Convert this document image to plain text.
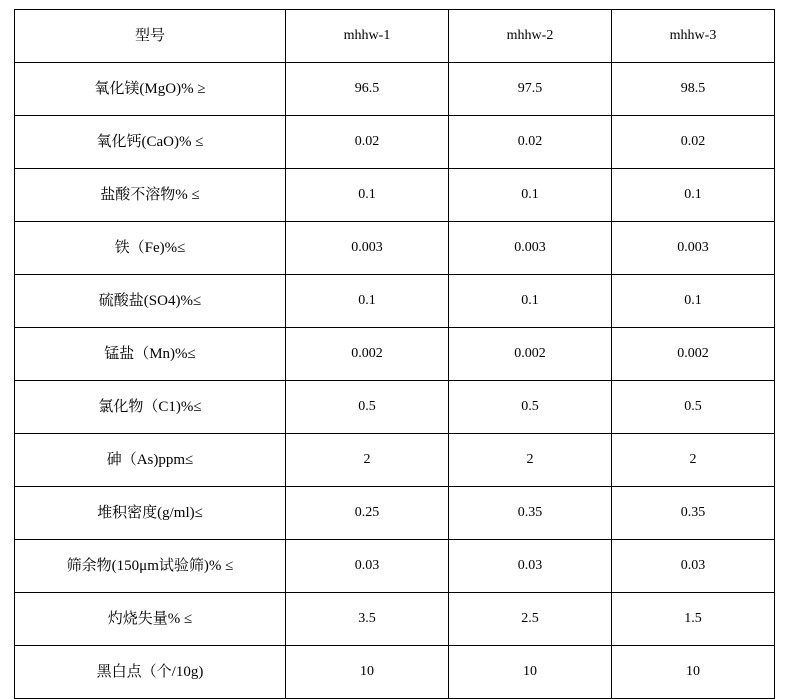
型号	mhhw-1	mhhw-2	mhhw-3
氧化镁(MgO)% ≥	96.5	97.5	98.5
氧化钙(CaO)% ≤	0.02	0.02	0.02
盐酸不溶物% ≤	0.1	0.1	0.1
铁（Fe)%≤	0.003	0.003	0.003
硫酸盐(SO4)%≤	0.1	0.1	0.1
锰盐（Mn)%≤	0.002	0.002	0.002
氯化物（C1)%≤	0.5	0.5	0.5
砷（As)ppm≤	2	2	2
堆积密度(g/ml)≤	0.25	0.35	0.35
筛余物(150μm试验筛)% ≤	0.03	0.03	0.03
灼烧失量% ≤	3.5	2.5	1.5
黑白点（个/10g)	10	10	10
